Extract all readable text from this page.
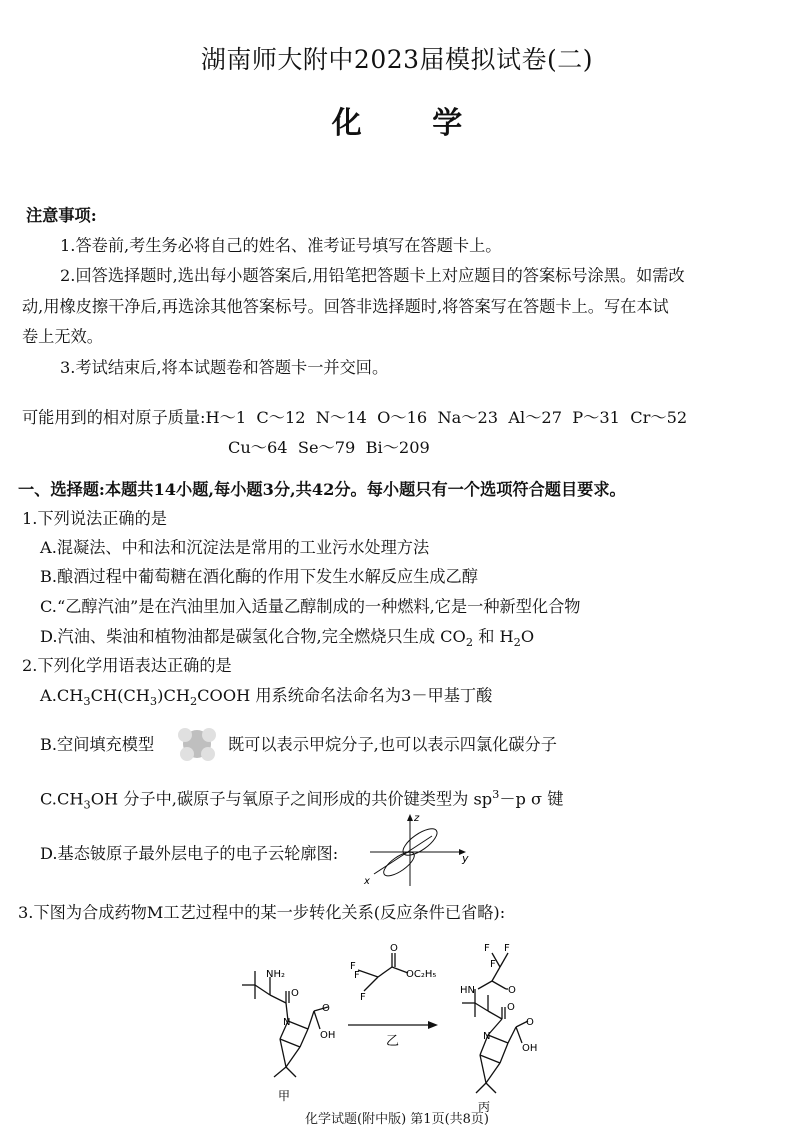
湖南师大附中2023届模拟试卷(二)
化 学
注意事项:
1.答卷前,考生务必将自己的姓名、准考证号填写在答题卡上。
2.回答选择题时,选出每小题答案后,用铅笔把答题卡上对应题目的答案标号涂黑。如需改
动,用橡皮擦干净后,再选涂其他答案标号。回答非选择题时,将答案写在答题卡上。写在本试
卷上无效。
3.考试结束后,将本试题卷和答题卡一并交回。
可能用到的相对原子质量:H～1  C～12  N～14  O～16  Na～23  Al～27  P～31  Cr～52
Cu～64  Se～79  Bi～209
一、选择题:本题共14小题,每小题3分,共42分。每小题只有一个选项符合题目要求。
1.下列说法正确的是
A.混凝法、中和法和沉淀法是常用的工业污水处理方法
B.酿酒过程中葡萄糖在酒化酶的作用下发生水解反应生成乙醇
C.“乙醇汽油”是在汽油里加入适量乙醇制成的一种燃料,它是一种新型化合物
D.汽油、柴油和植物油都是碳氢化合物,完全燃烧只生成 $CO_2$ 和 $H_2O$
2.下列化学用语表达正确的是
$A.CH_3CH(CH_3)CH_2COOH$ 用系统命名法命名为3－甲基丁酸
B.空间填充模型	既可以表示甲烷分子,也可以表示四氯化碳分子
$C.CH_3OH$ 分子中,碳原子与氧原子之间形成的共价键类型为 $sp^3-p$ σ 键
D.基态铍原子最外层电子的电子云轮廓图:
z
y
x
3.下图为合成药物M工艺过程中的某一步转化关系(反应条件已省略):
NH₂
O
N
O
OH
F
F
F
O
OC₂H₅
F F
F
O
HN
O
N
O
OH
乙
甲
丙
化学试题(附中版) 第1页(共8页)
